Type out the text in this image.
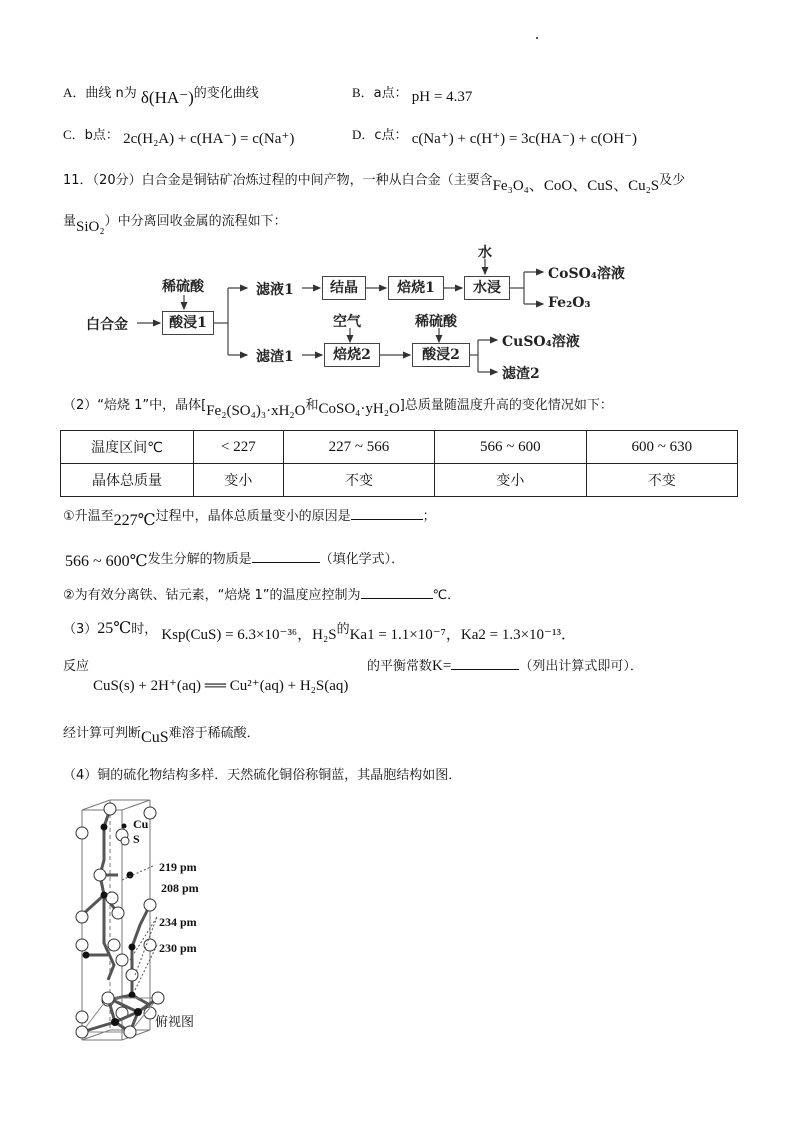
A．曲线 n为 δ(HA⁻)的变化曲线	B．a点： pH = 4.37
C．b点： 2c(H₂A) + c(HA⁻) = c(Na⁺)	D．c点： c(Na⁺) + c(H⁺) = 3c(HA⁻) + c(OH⁻)
11．（20分）白合金是铜钴矿冶炼过程的中间产物，一种从白合金（主要含Fe₃O₄、CoO、CuS、Cu₂S及少
量SiO₂）中分离回收金属的流程如下：
白合金
稀硫酸
酸浸1
滤液1
滤渣1
结晶	焙烧1
水
水浸
CoSO₄溶液
Fe₂O₃
空气
焙烧2
稀硫酸
酸浸2
CuSO₄溶液
滤渣2
（2）“焙烧 1”中，晶体[Fe₂(SO₄)₃·xH₂O和CoSO₄·yH₂O]总质量随温度升高的变化情况如下：
温度区间℃	< 227	227 ~ 566	566 ~ 600	600 ~ 630
晶体总质量	变小	不变	变小	不变
①升温至227℃过程中，晶体总质量变小的原因是	；
566 ~ 600℃发生分解的物质是	（填化学式）．
②为有效分离铁、钴元素，“焙烧 1”的温度应控制为	℃．
（3）25℃时， Ksp(CuS) = 6.3×10⁻³⁶，H₂S的Ka1 = 1.1×10⁻⁷，Ka2 = 1.3×10⁻¹³．
反应
CuS(s) + 2H⁺(aq) ══ Cu²⁺(aq) + H₂S(aq)
的平衡常数K=	（列出计算式即可）．
经计算可判断CuS难溶于稀硫酸．
（4）铜的硫化物结构多样．天然硫化铜俗称铜蓝，其晶胞结构如图．
Cu
S
219 pm
208 pm
234 pm
230 pm
俯视图
